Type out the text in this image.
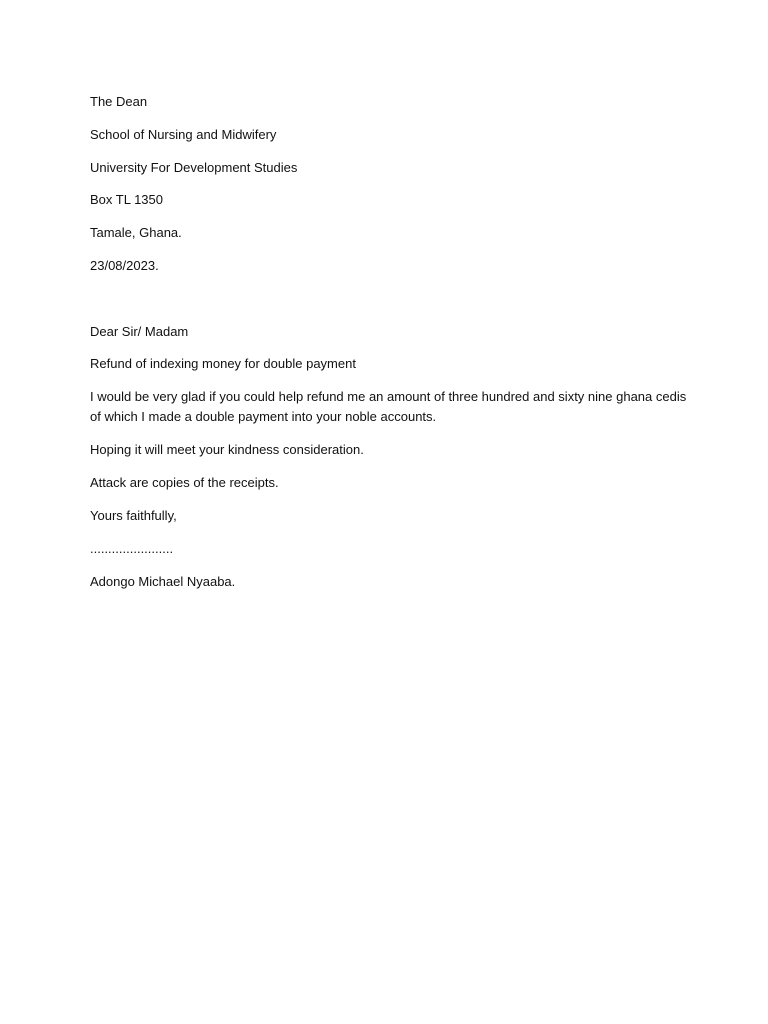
The Dean
School of Nursing and Midwifery
University For Development Studies
Box TL 1350
Tamale, Ghana.
23/08/2023.
Dear Sir/ Madam
Refund of indexing money for double payment
I would be very glad if you could help refund me an amount of three hundred and sixty nine ghana cedis
of which I made a double payment into your noble accounts.
Hoping it will meet your kindness consideration.
Attack are copies of the receipts.
Yours faithfully,
.......................
Adongo Michael Nyaaba.
